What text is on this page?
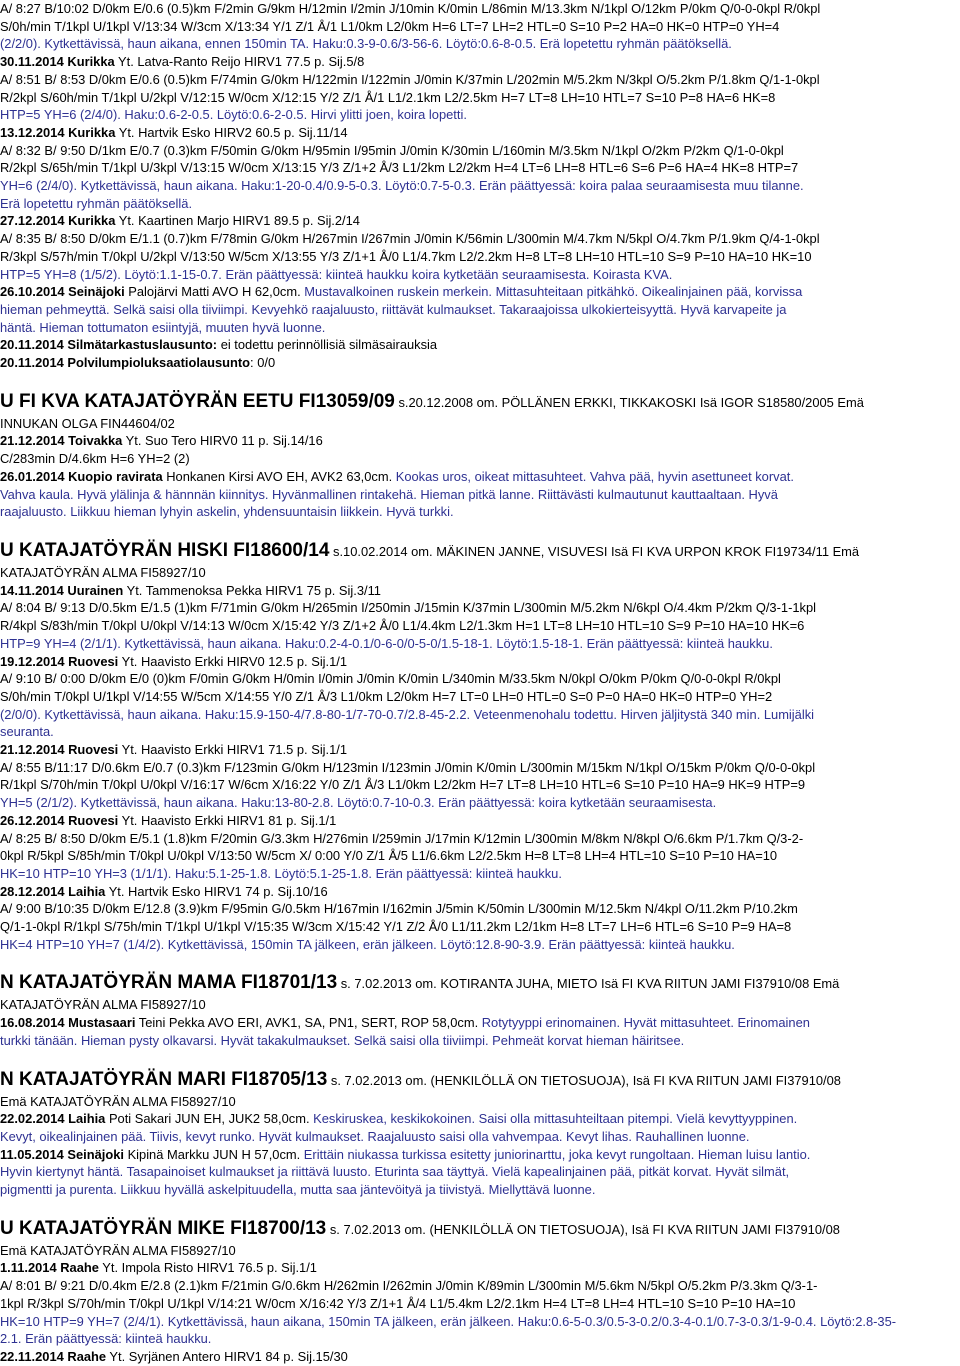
A/ 8:27 B/10:02 D/0km E/0.6 (0.5)km F/2min G/9km H/12min I/2min J/10min K/0min L/86min M/13.3km N/1kpl O/12km P/0km Q/0-0-0kpl R/0kpl
S/0h/min T/1kpl U/1kpl V/13:34 W/3cm X/13:34 Y/1 Z/1 Å/1 L1/0km L2/0km H=6 LT=7 LH=2 HTL=0 S=10 P=2 HA=0 HK=0 HTP=0 YH=4
(2/2/0). Kytkettävissä, haun aikana, ennen 150min TA. Haku:0.3-9-0.6/3-56-6. Löytö:0.6-8-0.5. Erä lopetettu ryhmän päätöksellä.
30.11.2014 Kurikka Yt. Latva-Ranto Reijo HIRV1 77.5 p. Sij.5/8
A/ 8:51 B/ 8:53 D/0km E/0.6 (0.5)km F/74min G/0km H/122min I/122min J/0min K/37min L/202min M/5.2km N/3kpl O/5.2km P/1.8km Q/1-1-0kpl
R/2kpl S/60h/min T/1kpl U/2kpl V/12:15 W/0cm X/12:15 Y/2 Z/1 Å/1 L1/2.1km L2/2.5km H=7 LT=8 LH=10 HTL=7 S=10 P=8 HA=6 HK=8
HTP=5 YH=6 (2/4/0). Haku:0.6-2-0.5. Löytö:0.6-2-0.5. Hirvi ylitti joen, koira lopetti.
13.12.2014 Kurikka Yt. Hartvik Esko HIRV2 60.5 p. Sij.11/14
A/ 8:32 B/ 9:50 D/1km E/0.7 (0.3)km F/50min G/0km H/95min I/95min J/0min K/30min L/160min M/3.5km N/1kpl O/2km P/2km Q/1-0-0kpl
R/2kpl S/65h/min T/1kpl U/3kpl V/13:15 W/0cm X/13:15 Y/3 Z/1+2 Å/3 L1/2km L2/2km H=4 LT=6 LH=8 HTL=6 S=6 P=6 HA=4 HK=8 HTP=7
YH=6 (2/4/0). Kytkettävissä, haun aikana. Haku:1-20-0.4/0.9-5-0.3. Löytö:0.7-5-0.3. Erän päättyessä: koira palaa seuraamisesta muu tilanne.
Erä lopetettu ryhmän päätöksellä.
27.12.2014 Kurikka Yt. Kaartinen Marjo HIRV1 89.5 p. Sij.2/14
A/ 8:35 B/ 8:50 D/0km E/1.1 (0.7)km F/78min G/0km H/267min I/267min J/0min K/56min L/300min M/4.7km N/5kpl O/4.7km P/1.9km Q/4-1-0kpl
R/3kpl S/57h/min T/0kpl U/2kpl V/13:50 W/5cm X/13:55 Y/3 Z/1+1 Å/0 L1/4.7km L2/2.2km H=8 LT=8 LH=10 HTL=10 S=9 P=10 HA=10 HK=10
HTP=5 YH=8 (1/5/2). Löytö:1.1-15-0.7. Erän päättyessä: kiinteä haukku koira kytketään seuraamisesta. Koirasta KVA.
26.10.2014 Seinäjoki Palojärvi Matti AVO H 62,0cm. Mustavalkoinen ruskein merkein. Mittasuhteitaan pitkähkö. Oikealinjainen pää, korvissa
hieman pehmeyttä. Selkä saisi olla tiiviimpi. Kevyehkö raajaluusto, riittävät kulmaukset. Takaraajoissa ulkokierteisyyttä. Hyvä karvapeite ja
häntä. Hieman tottumaton esiintyjä, muuten hyvä luonne.
20.11.2014 Silmätarkastuslausunto: ei todettu perinnöllisiä silmäsairauksia
20.11.2014 Polvilumpioluksaatiolausunto: 0/0
U FI KVA KATAJATÖYRÄN EETU FI13059/09 s.20.12.2008 om. PÖLLÄNEN ERKKI, TIKKAKOSKI Isä IGOR S18580/2005 Emä
INNUKAN OLGA FIN44604/02
21.12.2014 Toivakka Yt. Suo Tero HIRV0 11 p. Sij.14/16
C/283min D/4.6km H=6 YH=2 (2)
26.01.2014 Kuopio ravirata Honkanen Kirsi AVO EH, AVK2 63,0cm. Kookas uros, oikeat mittasuhteet. Vahva pää, hyvin asettuneet korvat.
Vahva kaula. Hyvä ylälinja & hännnän kiinnitys. Hyvänmallinen rintakehä. Hieman pitkä lanne. Riittävästi kulmautunut kauttaaltaan. Hyvä
raajaluusto. Liikkuu hieman lyhyin askelin, yhdensuuntaisin liikkein. Hyvä turkki.
U KATAJATÖYRÄN HISKI FI18600/14 s.10.02.2014 om. MÄKINEN JANNE, VISUVESI Isä FI KVA URPON KROK FI19734/11 Emä
KATAJATÖYRÄN ALMA FI58927/10
14.11.2014 Uurainen Yt. Tammenoksa Pekka HIRV1 75 p. Sij.3/11
A/ 8:04 B/ 9:13 D/0.5km E/1.5 (1)km F/71min G/0km H/265min I/250min J/15min K/37min L/300min M/5.2km N/6kpl O/4.4km P/2km Q/3-1-1kpl
R/4kpl S/83h/min T/0kpl U/0kpl V/14:13 W/0cm X/15:42 Y/3 Z/1+2 Å/0 L1/4.4km L2/1.3km H=1 LT=8 LH=10 HTL=10 S=9 P=10 HA=10 HK=6
HTP=9 YH=4 (2/1/1). Kytkettävissä, haun aikana. Haku:0.2-4-0.1/0-6-0/0-5-0/1.5-18-1. Löytö:1.5-18-1. Erän päättyessä: kiinteä haukku.
19.12.2014 Ruovesi Yt. Haavisto Erkki HIRV0 12.5 p. Sij.1/1
A/ 9:10 B/ 0:00 D/0km E/0 (0)km F/0min G/0km H/0min I/0min J/0min K/0min L/340min M/33.5km N/0kpl O/0km P/0km Q/0-0-0kpl R/0kpl
S/0h/min T/0kpl U/1kpl V/14:55 W/5cm X/14:55 Y/0 Z/1 Å/3 L1/0km L2/0km H=7 LT=0 LH=0 HTL=0 S=0 P=0 HA=0 HK=0 HTP=0 YH=2
(2/0/0). Kytkettävissä, haun aikana. Haku:15.9-150-4/7.8-80-1/7-70-0.7/2.8-45-2.2. Veteenmenohalu todettu. Hirven jäljitystä 340 min. Lumijälki
seuranta.
21.12.2014 Ruovesi Yt. Haavisto Erkki HIRV1 71.5 p. Sij.1/1
A/ 8:55 B/11:17 D/0.6km E/0.7 (0.3)km F/123min G/0km H/123min I/123min J/0min K/0min L/300min M/15km N/1kpl O/15km P/0km Q/0-0-0kpl
R/1kpl S/70h/min T/0kpl U/0kpl V/16:17 W/6cm X/16:22 Y/0 Z/1 Å/3 L1/0km L2/2km H=7 LT=8 LH=10 HTL=6 S=10 P=10 HA=9 HK=9 HTP=9
YH=5 (2/1/2). Kytkettävissä, haun aikana. Haku:13-80-2.8. Löytö:0.7-10-0.3. Erän päättyessä: koira kytketään seuraamisesta.
26.12.2014 Ruovesi Yt. Haavisto Erkki HIRV1 81 p. Sij.1/1
A/ 8:25 B/ 8:50 D/0km E/5.1 (1.8)km F/20min G/3.3km H/276min I/259min J/17min K/12min L/300min M/8km N/8kpl O/6.6km P/1.7km Q/3-2-
0kpl R/5kpl S/85h/min T/0kpl U/0kpl V/13:50 W/5cm X/ 0:00 Y/0 Z/1 Å/5 L1/6.6km L2/2.5km H=8 LT=8 LH=4 HTL=10 S=10 P=10 HA=10
HK=10 HTP=10 YH=3 (1/1/1). Haku:5.1-25-1.8. Löytö:5.1-25-1.8. Erän päättyessä: kiinteä haukku.
28.12.2014 Laihia Yt. Hartvik Esko HIRV1 74 p. Sij.10/16
A/ 9:00 B/10:35 D/0km E/12.8 (3.9)km F/95min G/0.5km H/167min I/162min J/5min K/50min L/300min M/12.5km N/4kpl O/11.2km P/10.2km
Q/1-1-0kpl R/1kpl S/75h/min T/1kpl U/1kpl V/15:35 W/3cm X/15:42 Y/1 Z/2 Å/0 L1/11.2km L2/1km H=8 LT=7 LH=6 HTL=6 S=10 P=9 HA=8
HK=4 HTP=10 YH=7 (1/4/2). Kytkettävissä, 150min TA jälkeen, erän jälkeen. Löytö:12.8-90-3.9. Erän päättyessä: kiinteä haukku.
N KATAJATÖYRÄN MAMA FI18701/13 s. 7.02.2013 om. KOTIRANTA JUHA, MIETO Isä FI KVA RIITUN JAMI FI37910/08 Emä
KATAJATÖYRÄN ALMA FI58927/10
16.08.2014 Mustasaari Teini Pekka AVO ERI, AVK1, SA, PN1, SERT, ROP 58,0cm. Rotytyyppi erinomainen. Hyvät mittasuhteet. Erinomainen
turkki tänään. Hieman pysty olkavarsi. Hyvät takakulmaukset. Selkä saisi olla tiiviimpi. Pehmeät korvat hieman häiritsee.
N KATAJATÖYRÄN MARI FI18705/13 s. 7.02.2013 om. (HENKILÖLLÄ ON TIETOSUOJA), Isä FI KVA RIITUN JAMI FI37910/08
Emä KATAJATÖYRÄN ALMA FI58927/10
22.02.2014 Laihia Poti Sakari JUN EH, JUK2 58,0cm. Keskiruskea, keskikokoinen. Saisi olla mittasuhteiltaan pitempi. Vielä kevyttyyppinen.
Kevyt, oikealinjainen pää. Tiivis, kevyt runko. Hyvät kulmaukset. Raajaluusto saisi olla vahvempaa. Kevyt lihas. Rauhallinen luonne.
11.05.2014 Seinäjoki Kipinä Markku JUN H 57,0cm. Erittäin niukassa turkissa esitetty juniorinarttu, joka kevyt rungoltaan. Hieman luisu lantio.
Hyvin kiertynyt häntä. Tasapainoiset kulmaukset ja riittävä luusto. Eturinta saa täyttyä. Vielä kapealinjainen pää, pitkät korvat. Hyvät silmät,
pigmentti ja purenta. Liikkuu hyvällä askelpituudella, mutta saa jäntevöityä ja tiivistyä. Miellyttävä luonne.
U KATAJATÖYRÄN MIKE FI18700/13 s. 7.02.2013 om. (HENKILÖLLÄ ON TIETOSUOJA), Isä FI KVA RIITUN JAMI FI37910/08
Emä KATAJATÖYRÄN ALMA FI58927/10
1.11.2014 Raahe Yt. Impola Risto HIRV1 76.5 p. Sij.1/1
A/ 8:01 B/ 9:21 D/0.4km E/2.8 (2.1)km F/21min G/0.6km H/262min I/262min J/0min K/89min L/300min M/5.6km N/5kpl O/5.2km P/3.3km Q/3-1-
1kpl R/3kpl S/70h/min T/0kpl U/1kpl V/14:21 W/0cm X/16:42 Y/3 Z/1+1 Å/4 L1/5.4km L2/2.1km H=4 LT=8 LH=4 HTL=10 S=10 P=10 HA=10
HK=10 HTP=9 YH=7 (2/4/1). Kytkettävissä, haun aikana, 150min TA jälkeen, erän jälkeen. Haku:0.6-5-0.3/0.5-3-0.2/0.3-4-0.1/0.7-3-0.3/1-9-0.4. Löytö:2.8-35-
2.1. Erän päättyessä: kiinteä haukku.
22.11.2014 Raahe Yt. Syrjänen Antero HIRV1 84 p. Sij.15/30
